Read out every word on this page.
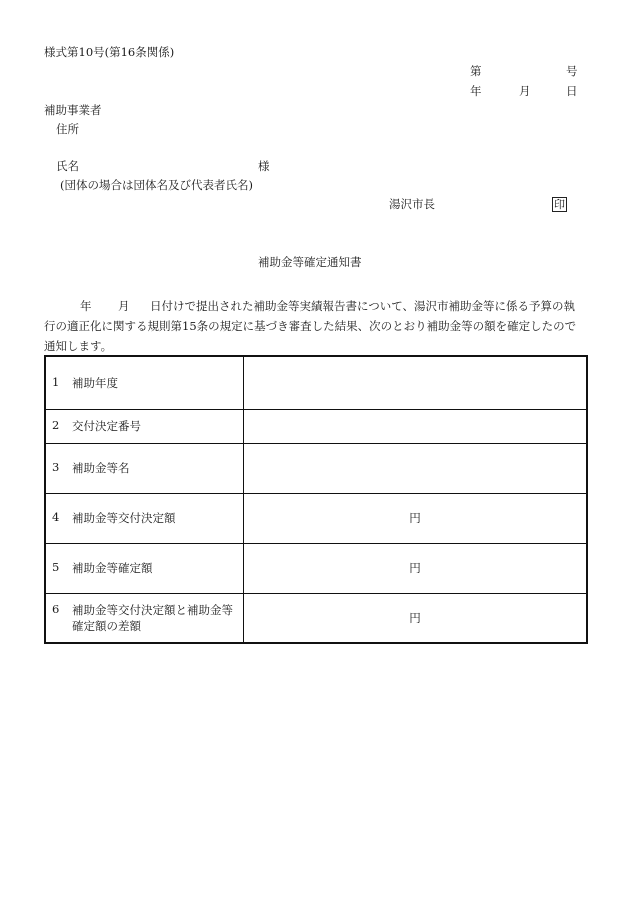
様式第10号(第16条関係)
第	号
年	月	日
補助事業者
住所
氏名	様
(団体の場合は団体名及び代表者氏名)
湯沢市長	印
補助金等確定通知書
年 月	日付けで提出された補助金等実績報告書について、湯沢市補助金等に係る予算の執行の適正化に関する規則第15条の規定に基づき審査した結果、次のとおり補助金等の額を確定したので通知します。
1 補助年度	

2 交付決定番号	

3 補助金等名	

4 補助金等交付決定額	円

5 補助金等確定額	円

6 補助金等交付決定額と補助金等確定額の差額	円
